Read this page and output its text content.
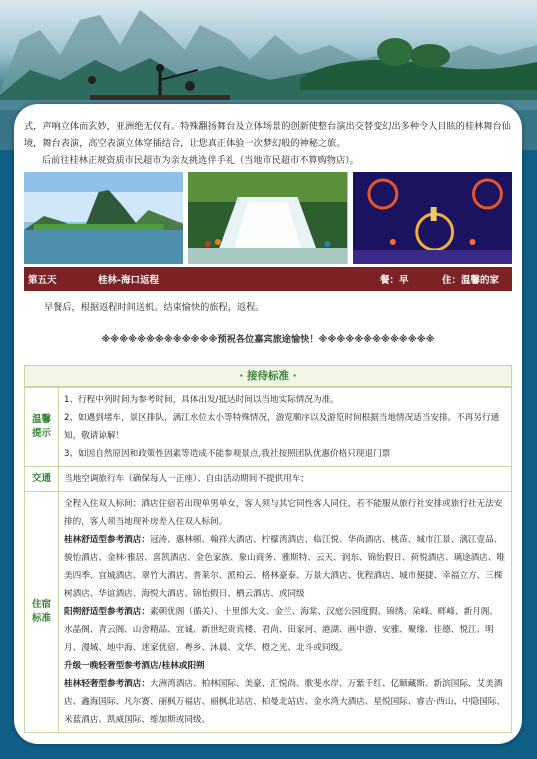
式，声响立体而玄妙，亚洲绝无仅有。特殊翻扬舞台及立体场景的创新使整台演出交替变幻出多种令人目眩的桂林舞台仙境，舞台表演，高空表演立体穿插结合，让您真正体验一次梦幻般的神秘之旅。

后前往桂林正规资质市民超市为亲友挑选伴手礼（当地市民超市不算购物店）。

第五天	桂林-海口返程	餐：早	住：温馨的家
早餐后，根据返程时间送机。结束愉快的旅程，返程。
※※※※※※※※※※※※※预祝各位嘉宾旅途愉快！※※※※※※※※※※※※※
· 接待标准 ·
温馨提示	1、行程中列时间为参考时间，具体出发/抵达时间以当地实际情况为准。
2、如遇到堵车，景区排队，漓江水位太小等特殊情况，游览顺序以及游览时间根据当地情况适当安排。不再另行通知，敬请谅解！
3、如因自然原因和政策性因素等造成不能参观景点,我社按照团队优惠价格只现退门票

交通	当地空调旅行车（确保每人一正座）、自由活动期间不提供用车；
住宿标准	全程入住双人标间；酒店住宿若出现单男单女，客人须与其它同性客人同住，若不能服从旅行社安排或旅行社无法安排的，客人须当地现补房差入住双人标间。
桂林舒适型参考酒店：冠涛、惠林顿、翰祥大酒店、柠檬湾酒店、临江悦、华尚酒店、桃苗、城市江景、漓江壹品、骏怡酒店、金林·雅居、喜凯酒店、金色家族、象山商务、雅斯特、云天、润东、锦怡假日、荷悦酒店、璃途酒店、唯美四季、宜城酒店、翠竹大酒店、普莱尔、派柏云、格林豪泰、万景大酒店、优程酒店、城市便捷、幸福立方、三棵树酒店、华谊酒店、海悦大酒店、锦怡假日、栖云酒店、或同级
阳朔舒适型参考酒店：素朝优阁（循关）、十里郎大文、金兰、海棠、汉庭公园度假、锦绣、朵峰、畔峰、新月阁、水晶阁、青云阁、山舍精品、宜诚、新世纪贵宾楼、君尚、田家河、港湖、画中游、安雅、聚缘、佳德、悦江、明月、漫城、地中海、迷家优宿、粤乡、沐晨、文华、橙之光、北斗或同级。
升级一晚轻奢型参考酒店/桂林或阳朔
桂林轻奢型参考酒店：大洲湾酒店、柏林国际、美豪、汇悦尚、歌斐水岸、万紫千红、亿颐藏斯、新滨国际、艾美酒店、鑫海国际、凡尔赛、丽枫万福店、丽枫北站店、柏曼北站店、金水湾大酒店、星悦国际、睿吉·西山、中隐国际、米蓝酒店、凯威国际、维加斯或同级。
